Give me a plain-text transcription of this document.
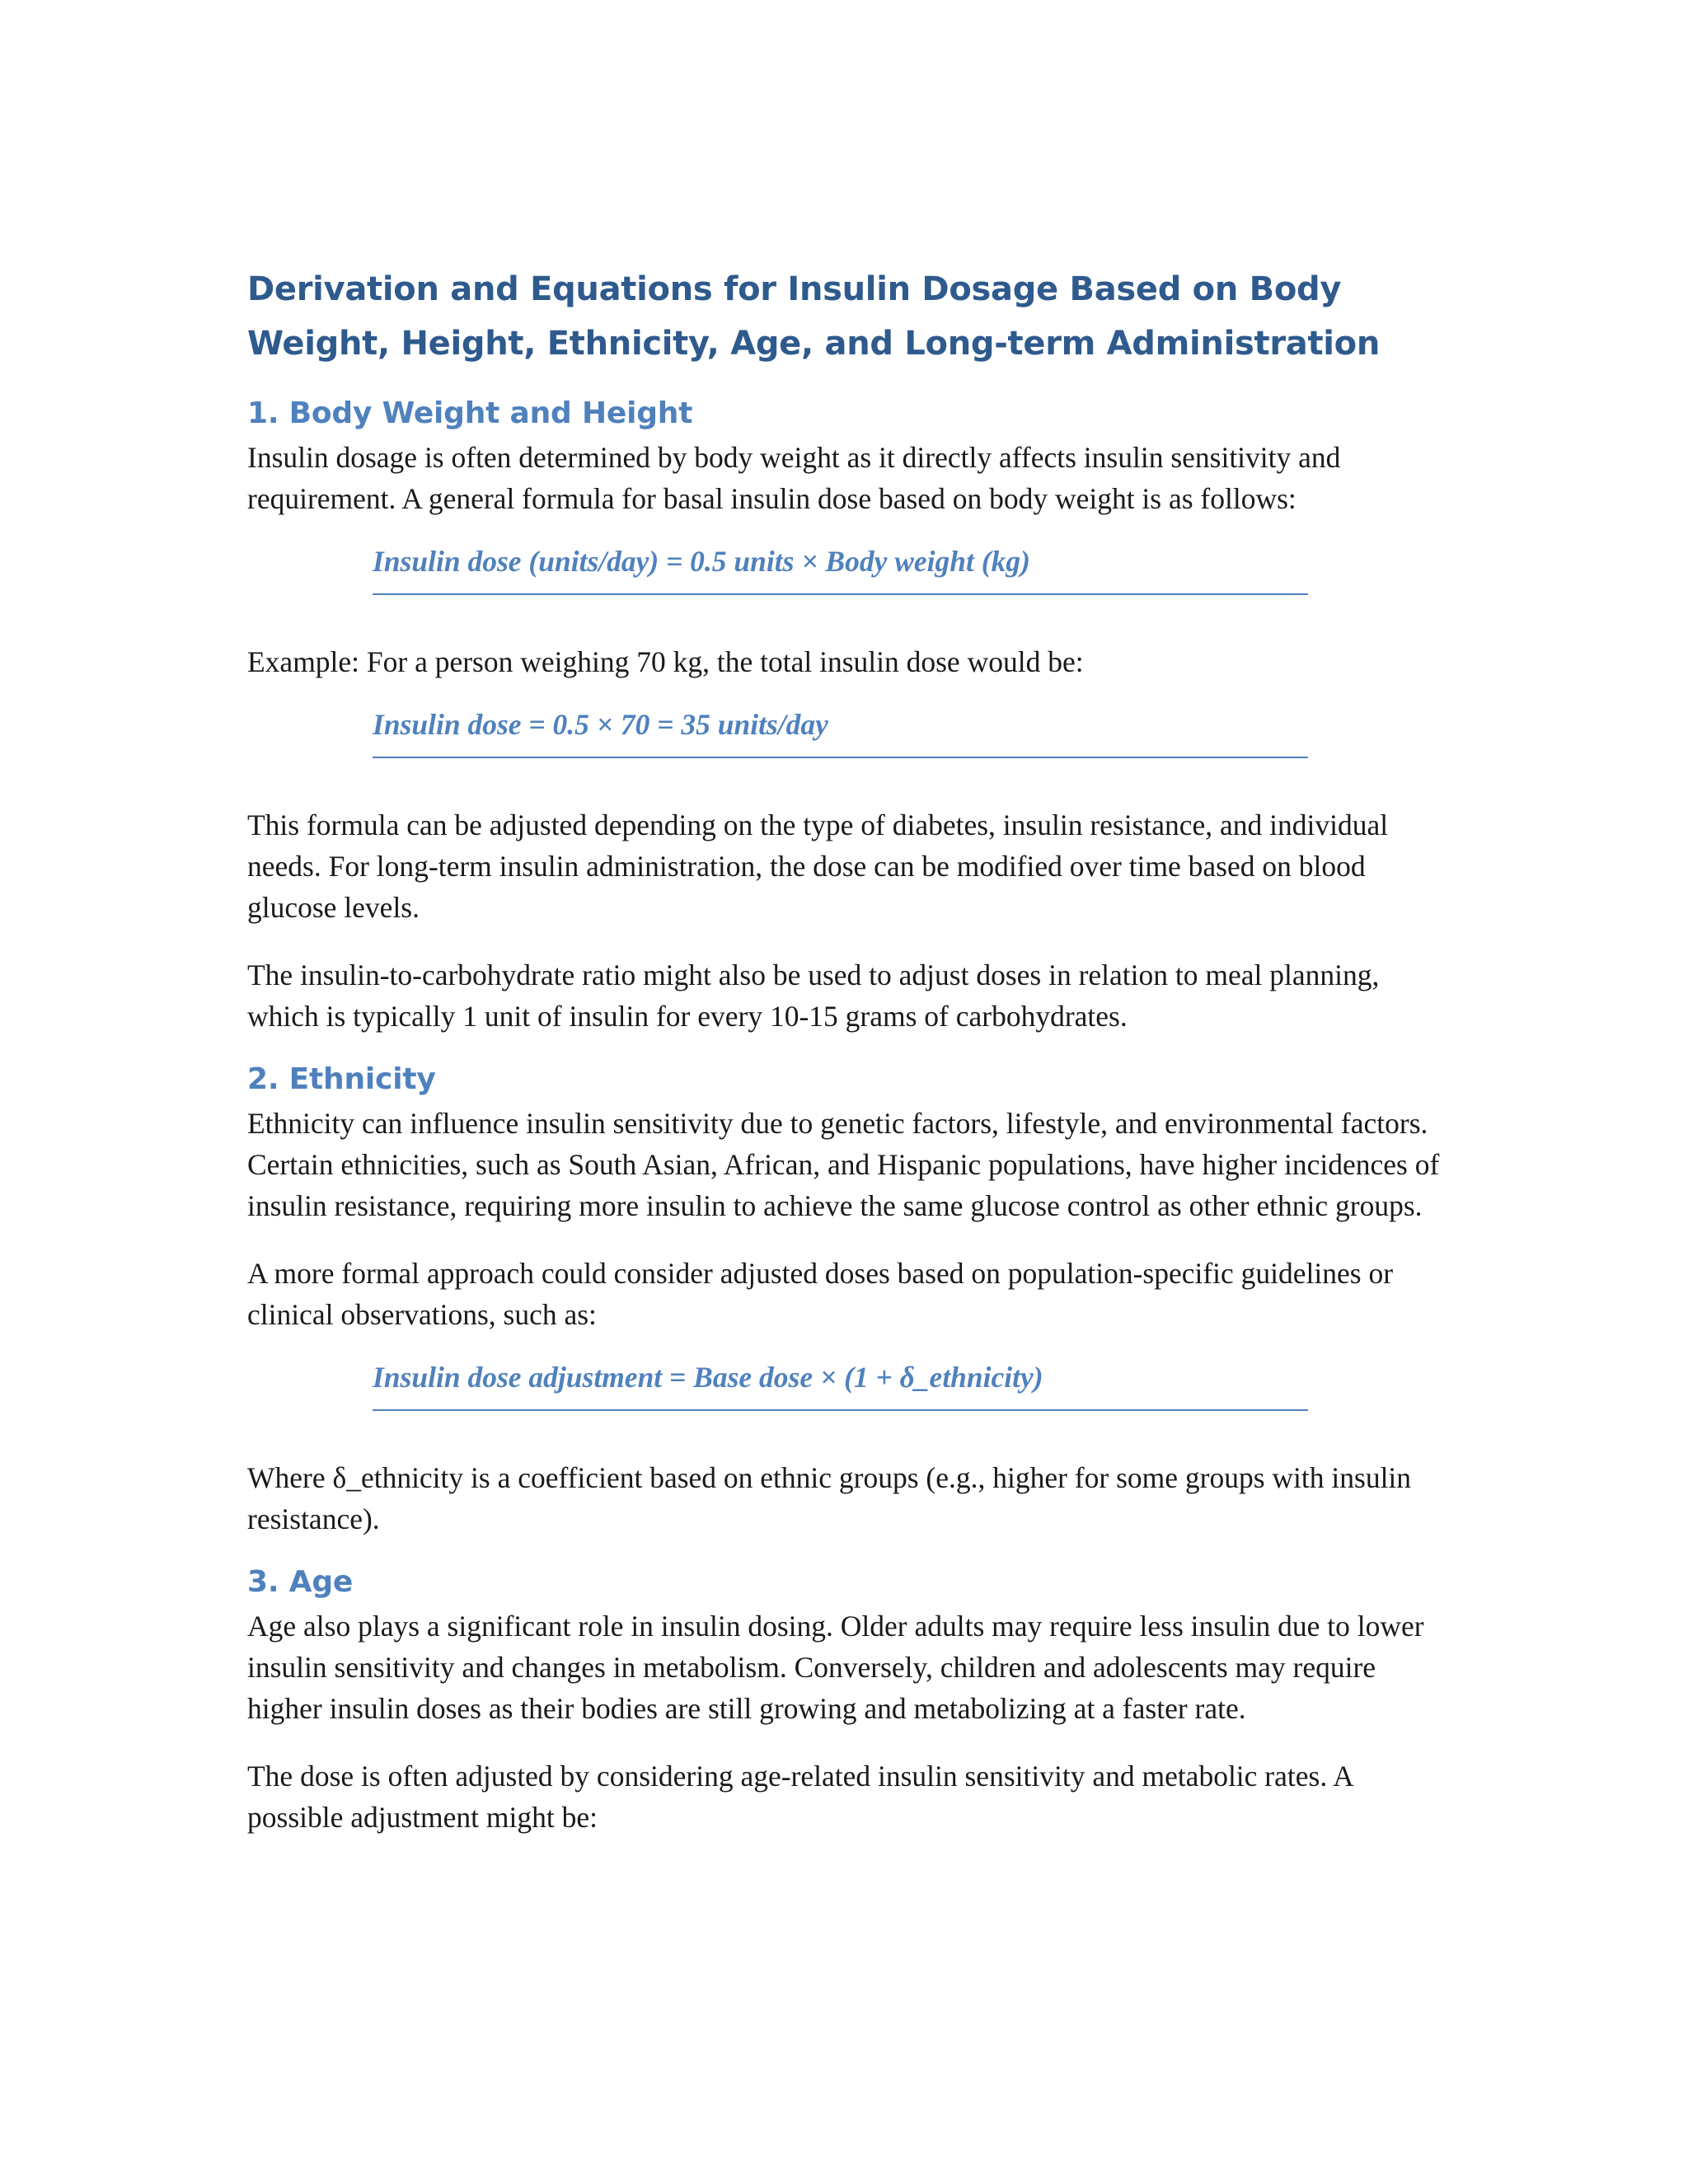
Derivation and Equations for Insulin Dosage Based on Body Weight, Height, Ethnicity, Age, and Long-term Administration
1. Body Weight and Height

Insulin dosage is often determined by body weight as it directly affects insulin sensitivity and requirement. A general formula for basal insulin dose based on body weight is as follows:

Insulin dose (units/day) = 0.5 units × Body weight (kg)

Example: For a person weighing 70 kg, the total insulin dose would be:

Insulin dose = 0.5 × 70 = 35 units/day

This formula can be adjusted depending on the type of diabetes, insulin resistance, and individual needs. For long-term insulin administration, the dose can be modified over time based on blood glucose levels.

The insulin-to-carbohydrate ratio might also be used to adjust doses in relation to meal planning, which is typically 1 unit of insulin for every 10-15 grams of carbohydrates.

2. Ethnicity

Ethnicity can influence insulin sensitivity due to genetic factors, lifestyle, and environmental factors. Certain ethnicities, such as South Asian, African, and Hispanic populations, have higher incidences of insulin resistance, requiring more insulin to achieve the same glucose control as other ethnic groups.

A more formal approach could consider adjusted doses based on population-specific guidelines or clinical observations, such as:

Insulin dose adjustment = Base dose × (1 + δ_ethnicity)

Where δ_ethnicity is a coefficient based on ethnic groups (e.g., higher for some groups with insulin resistance).

3. Age

Age also plays a significant role in insulin dosing. Older adults may require less insulin due to lower insulin sensitivity and changes in metabolism. Conversely, children and adolescents may require higher insulin doses as their bodies are still growing and metabolizing at a faster rate.

The dose is often adjusted by considering age-related insulin sensitivity and metabolic rates. A possible adjustment might be:
